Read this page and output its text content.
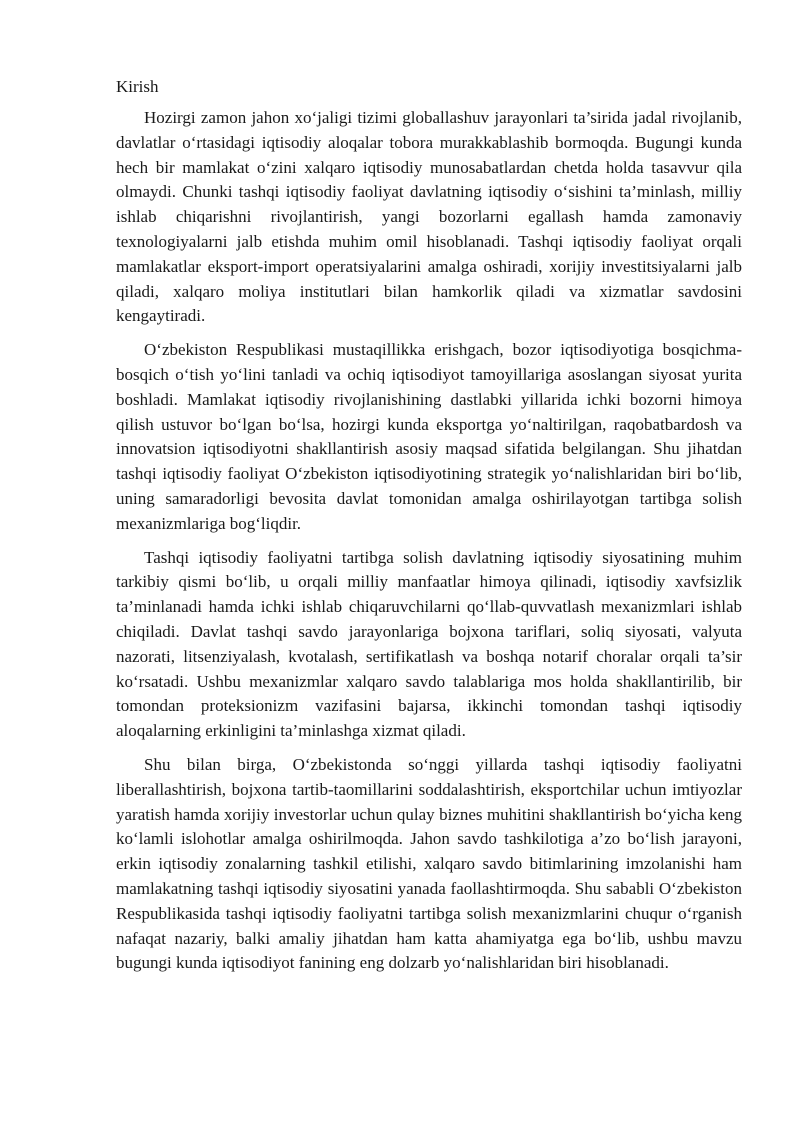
Kirish

Hozirgi zamon jahon xo‘jaligi tizimi globallashuv jarayonlari ta’sirida jadal rivojlanib, davlatlar o‘rtasidagi iqtisodiy aloqalar tobora murakkablashib bormoqda. Bugungi kunda hech bir mamlakat o‘zini xalqaro iqtisodiy munosabatlardan chetda holda tasavvur qila olmaydi. Chunki tashqi iqtisodiy faoliyat davlatning iqtisodiy o‘sishini ta’minlash, milliy ishlab chiqarishni rivojlantirish, yangi bozorlarni egallash hamda zamonaviy texnologiyalarni jalb etishda muhim omil hisoblanadi. Tashqi iqtisodiy faoliyat orqali mamlakatlar eksport-import operatsiyalarini amalga oshiradi, xorijiy investitsiyalarni jalb qiladi, xalqaro moliya institutlari bilan hamkorlik qiladi va xizmatlar savdosini kengaytiradi.

O‘zbekiston Respublikasi mustaqillikka erishgach, bozor iqtisodiyotiga bosqichma-bosqich o‘tish yo‘lini tanladi va ochiq iqtisodiyot tamoyillariga asoslangan siyosat yurita boshladi. Mamlakat iqtisodiy rivojlanishining dastlabki yillarida ichki bozorni himoya qilish ustuvor bo‘lgan bo‘lsa, hozirgi kunda eksportga yo‘naltirilgan, raqobatbardosh va innovatsion iqtisodiyotni shakllantirish asosiy maqsad sifatida belgilangan. Shu jihatdan tashqi iqtisodiy faoliyat O‘zbekiston iqtisodiyotining strategik yo‘nalishlaridan biri bo‘lib, uning samaradorligi bevosita davlat tomonidan amalga oshirilayotgan tartibga solish mexanizmlariga bog‘liqdir.

Tashqi iqtisodiy faoliyatni tartibga solish davlatning iqtisodiy siyosatining muhim tarkibiy qismi bo‘lib, u orqali milliy manfaatlar himoya qilinadi, iqtisodiy xavfsizlik ta’minlanadi hamda ichki ishlab chiqaruvchilarni qo‘llab-quvvatlash mexanizmlari ishlab chiqiladi. Davlat tashqi savdo jarayonlariga bojxona tariflari, soliq siyosati, valyuta nazorati, litsenziyalash, kvotalash, sertifikatlash va boshqa notarif choralar orqali ta’sir ko‘rsatadi. Ushbu mexanizmlar xalqaro savdo talablariga mos holda shakllantirilib, bir tomondan proteksionizm vazifasini bajarsa, ikkinchi tomondan tashqi iqtisodiy aloqalarning erkinligini ta’minlashga xizmat qiladi.

Shu bilan birga, O‘zbekistonda so‘nggi yillarda tashqi iqtisodiy faoliyatni liberallashtirish, bojxona tartib-taomillarini soddalashtirish, eksportchilar uchun imtiyozlar yaratish hamda xorijiy investorlar uchun qulay biznes muhitini shakllantirish bo‘yicha keng ko‘lamli islohotlar amalga oshirilmoqda. Jahon savdo tashkilotiga a’zo bo‘lish jarayoni, erkin iqtisodiy zonalarning tashkil etilishi, xalqaro savdo bitimlarining imzolanishi ham mamlakatning tashqi iqtisodiy siyosatini yanada faollashtirmoqda. Shu sababli O‘zbekiston Respublikasida tashqi iqtisodiy faoliyatni tartibga solish mexanizmlarini chuqur o‘rganish nafaqat nazariy, balki amaliy jihatdan ham katta ahamiyatga ega bo‘lib, ushbu mavzu bugungi kunda iqtisodiyot fanining eng dolzarb yo‘nalishlaridan biri hisoblanadi.
